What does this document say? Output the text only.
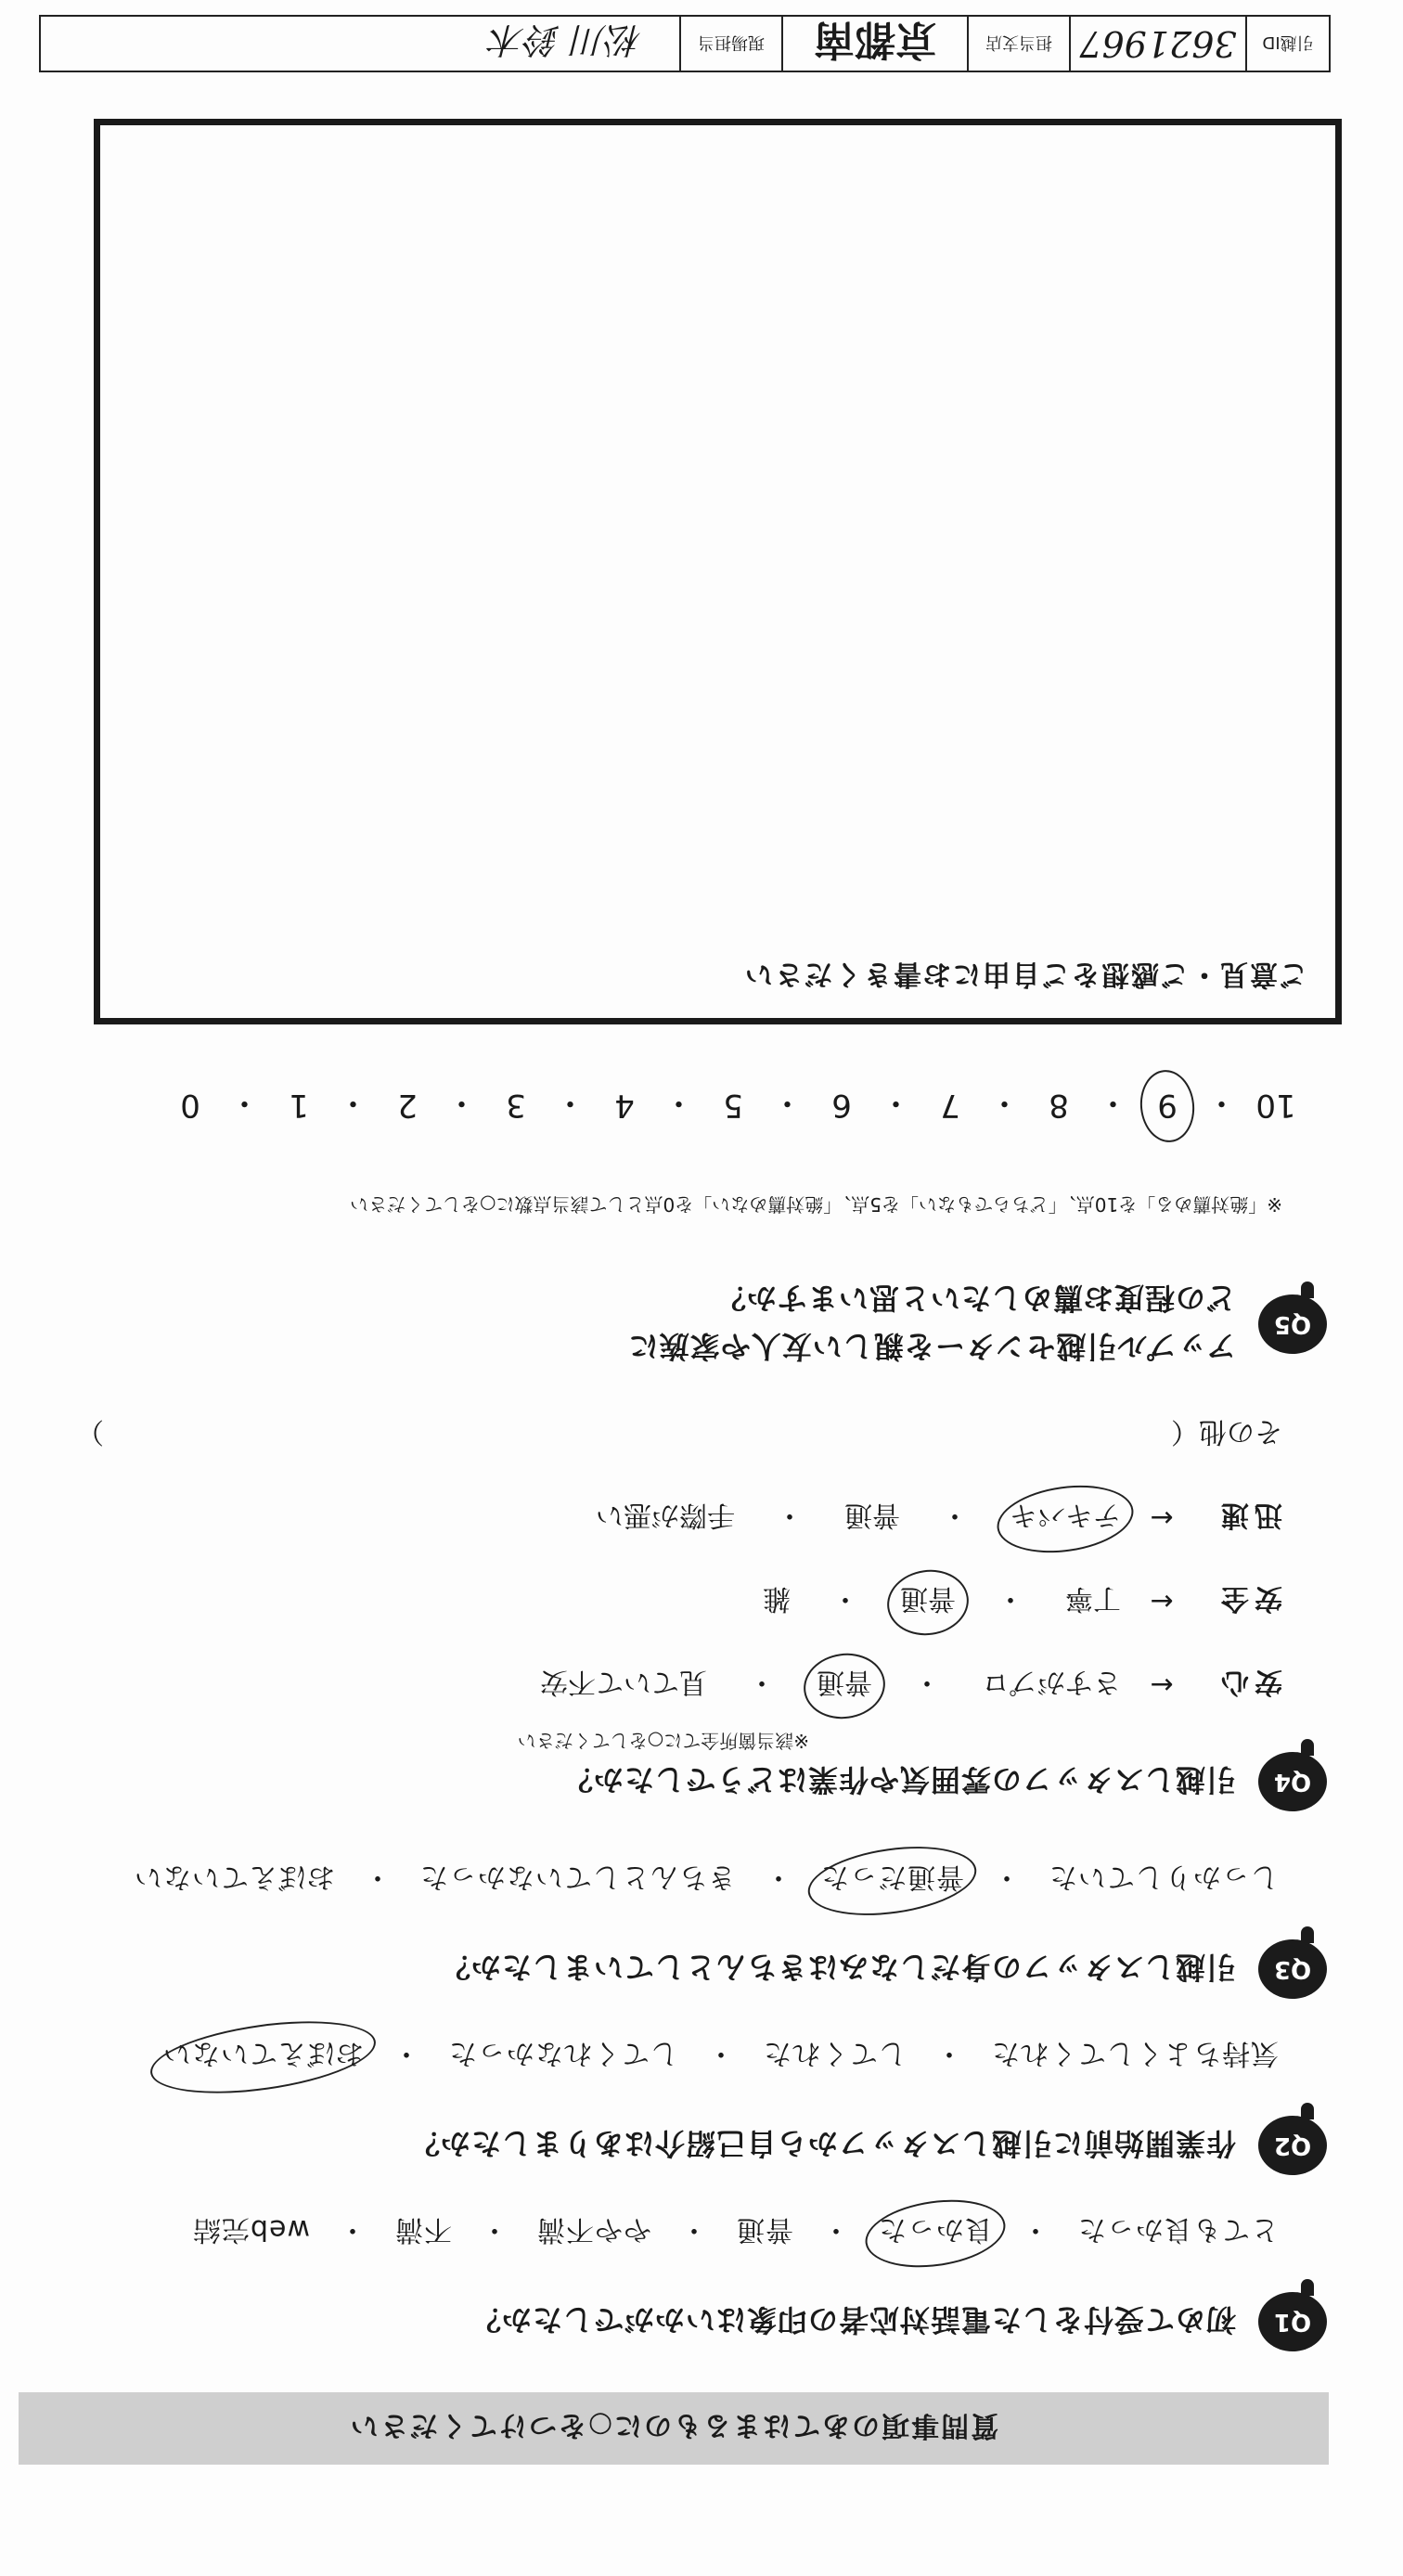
質問事項のあてはまるものに○をつけてください
Q1
初めて受付をした電話対応者の印象はいかがでしたか？
とても良かった
・
良かった
・
普通
・
やや不満
・
不満
・
web完結
Q2
作業開始前に引越しスタッフから自己紹介はありましたか？
気持ちよくしてくれた
・
してくれた
・
してくれなかった
・
おぼえていない
Q3
引越しスタッフの身だしなみはきちんとしていましたか？
しっかりしていた
・
普通だった
・
きちんとしていなかった
・
おぼえていない
Q4
引越しスタッフの雰囲気や作業はどうでしたか？
※該当箇所全てに○をしてください
安心
←
さすがプロ
・
普通
・
見ていて不安
安全
←
丁寧
・
普通
・
雑
迅速
←
テキパキ
・
普通
・
手際が悪い
その他（
）
Q5
アップル引越センターを親しい友人や家族に
どの程度お薦めしたいと思いますか？
※「絶対薦める」を10点、「どちらでもない」を5点、「絶対薦めない」を0点として該当点数に○をしてください
10
・
9
・
8
・
7
・
6
・
5
・
4
・
3
・
2
・
1
・
0
ご意見・ご感想をご自由にお書きください
引越ID
3621967
担当支店
京都南
現場担当
松川 鈴木
